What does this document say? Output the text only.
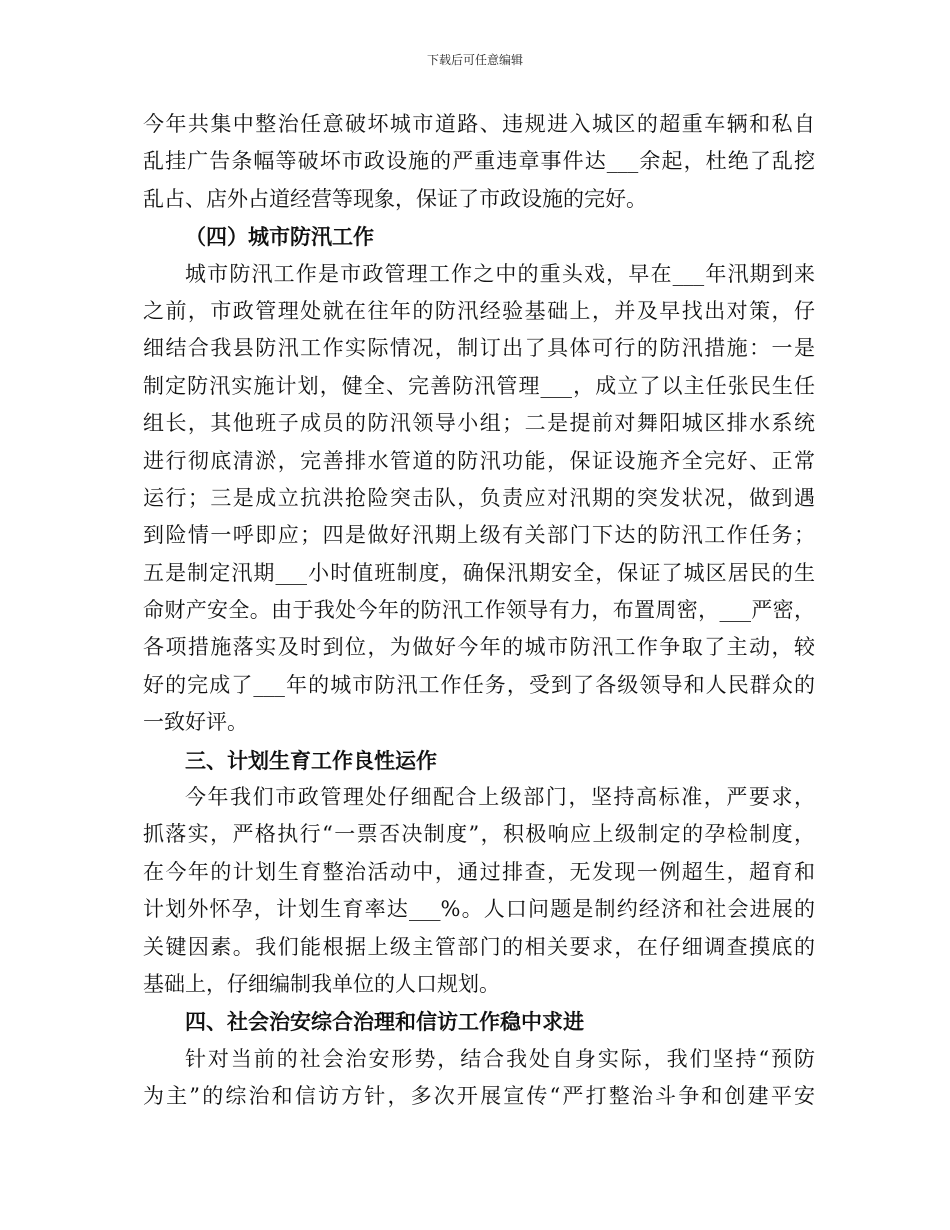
下载后可任意编辑
今年共集中整治任意破坏城市道路、违规进入城区的超重车辆和私自
乱挂广告条幅等破坏市政设施的严重违章事件达___余起，杜绝了乱挖
乱占、店外占道经营等现象，保证了市政设施的完好。
（四）城市防汛工作
城市防汛工作是市政管理工作之中的重头戏，早在___年汛期到来
之前，市政管理处就在往年的防汛经验基础上，并及早找出对策，仔
细结合我县防汛工作实际情况，制订出了具体可行的防汛措施：一是
制定防汛实施计划，健全、完善防汛管理___，成立了以主任张民生任
组长，其他班子成员的防汛领导小组；二是提前对舞阳城区排水系统
进行彻底清淤，完善排水管道的防汛功能，保证设施齐全完好、正常
运行；三是成立抗洪抢险突击队，负责应对汛期的突发状况，做到遇
到险情一呼即应；四是做好汛期上级有关部门下达的防汛工作任务；
五是制定汛期___小时值班制度，确保汛期安全，保证了城区居民的生
命财产安全。由于我处今年的防汛工作领导有力，布置周密，___严密，
各项措施落实及时到位，为做好今年的城市防汛工作争取了主动，较
好的完成了___年的城市防汛工作任务，受到了各级领导和人民群众的
一致好评。
三、计划生育工作良性运作
今年我们市政管理处仔细配合上级部门，坚持高标准，严要求，
抓落实，严格执行“一票否决制度”，积极响应上级制定的孕检制度，
在今年的计划生育整治活动中，通过排查，无发现一例超生，超育和
计划外怀孕，计划生育率达___%。人口问题是制约经济和社会进展的
关键因素。我们能根据上级主管部门的相关要求，在仔细调查摸底的
基础上，仔细编制我单位的人口规划。
四、社会治安综合治理和信访工作稳中求进
针对当前的社会治安形势，结合我处自身实际，我们坚持“预防
为主”的综治和信访方针，多次开展宣传“严打整治斗争和创建平安
